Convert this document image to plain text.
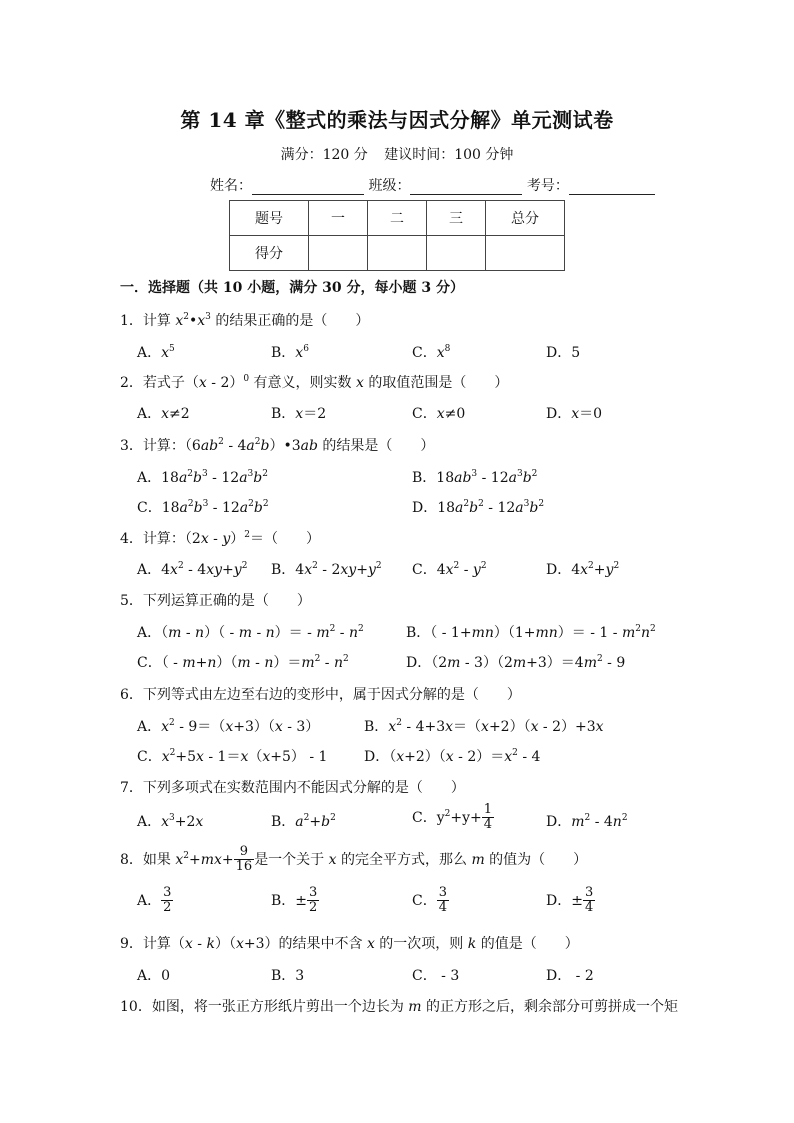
第 14 章《整式的乘法与因式分解》单元测试卷
满分：120 分 建议时间：100 分钟
姓名：	班级：	考号：
题号	一	二	三	总分
得分				
一．选择题（共 10 小题，满分 30 分，每小题 3 分）
1．计算 $x^2•x^3$ 的结果正确的是（　　）
A．$x^5$	B．$x^6$	C．$x^8$	D．5
2．若式子（x - 2）$^0$ 有意义，则实数 x 的取值范围是（　　）
A．x≠2	B．x＝2	C．x≠0	D．x＝0
3．计算：（$6ab^2$ - $4a^2b)•3ab$ 的结果是（　　）
A．$18a^2b^3 - 12a^3b^2$	B．$18ab^3 - 12a^3b^2$
C．$18a^2b^3 - 12a^2b^2$	D．$18a^2b^2 - 12a^3b^2$
4．计算：（2x - y）$^2$＝（　　）
A．$4x^2 - 4xy+y^2$ B．$4x^2 - 2xy+y^2$ C．$4x^2 - y^2$	D．$4x^2+y^2$
5．下列运算正确的是（　　）
A．$(m - n)( - m - n)= - m^2 - n^2$	B．（ - $1+mn)(1+mn)= - 1 - m^2n^2$
C．（ - $m+n)(m - n)=m^2 - n^2$	D．$(2m - 3)(2m+3)=4m^2 - 9$
6．下列等式由左边至右边的变形中，属于因式分解的是（　　）
A．$x^2 - 9=(x+3)(x - 3)$	B．$x^2 - 4+3x=(x+2)(x - 2)+3x$
C．$x^2+5x - 1=x(x+5) - 1$	D．$(x+2)(x - 2)=x^2 - 4$
7．下列多项式在实数范围内不能因式分解的是（　　）
A．$x^3+2x$	B．$a^2+b^2$	C．$y^2+y+ \frac{1}{4}$	D．$m^2 - 4n^2$
8．如果 $x^2+mx+ \frac{9}{16}$ 是一个关于 x 的完全平方式，那么 m 的值为（　　）
A． $\frac{3}{2}$	B．± $\frac{3}{2}$	C． $\frac{3}{4}$	D．± $\frac{3}{4}$
9．计算（x - k）（x+3）的结果中不含 x 的一次项，则 k 的值是（　　）
A．0	B．3	C． - 3	D． - 2
10．如图，将一张正方形纸片剪出一个边长为 m 的正方形之后，剩余部分可剪拼成一个矩
